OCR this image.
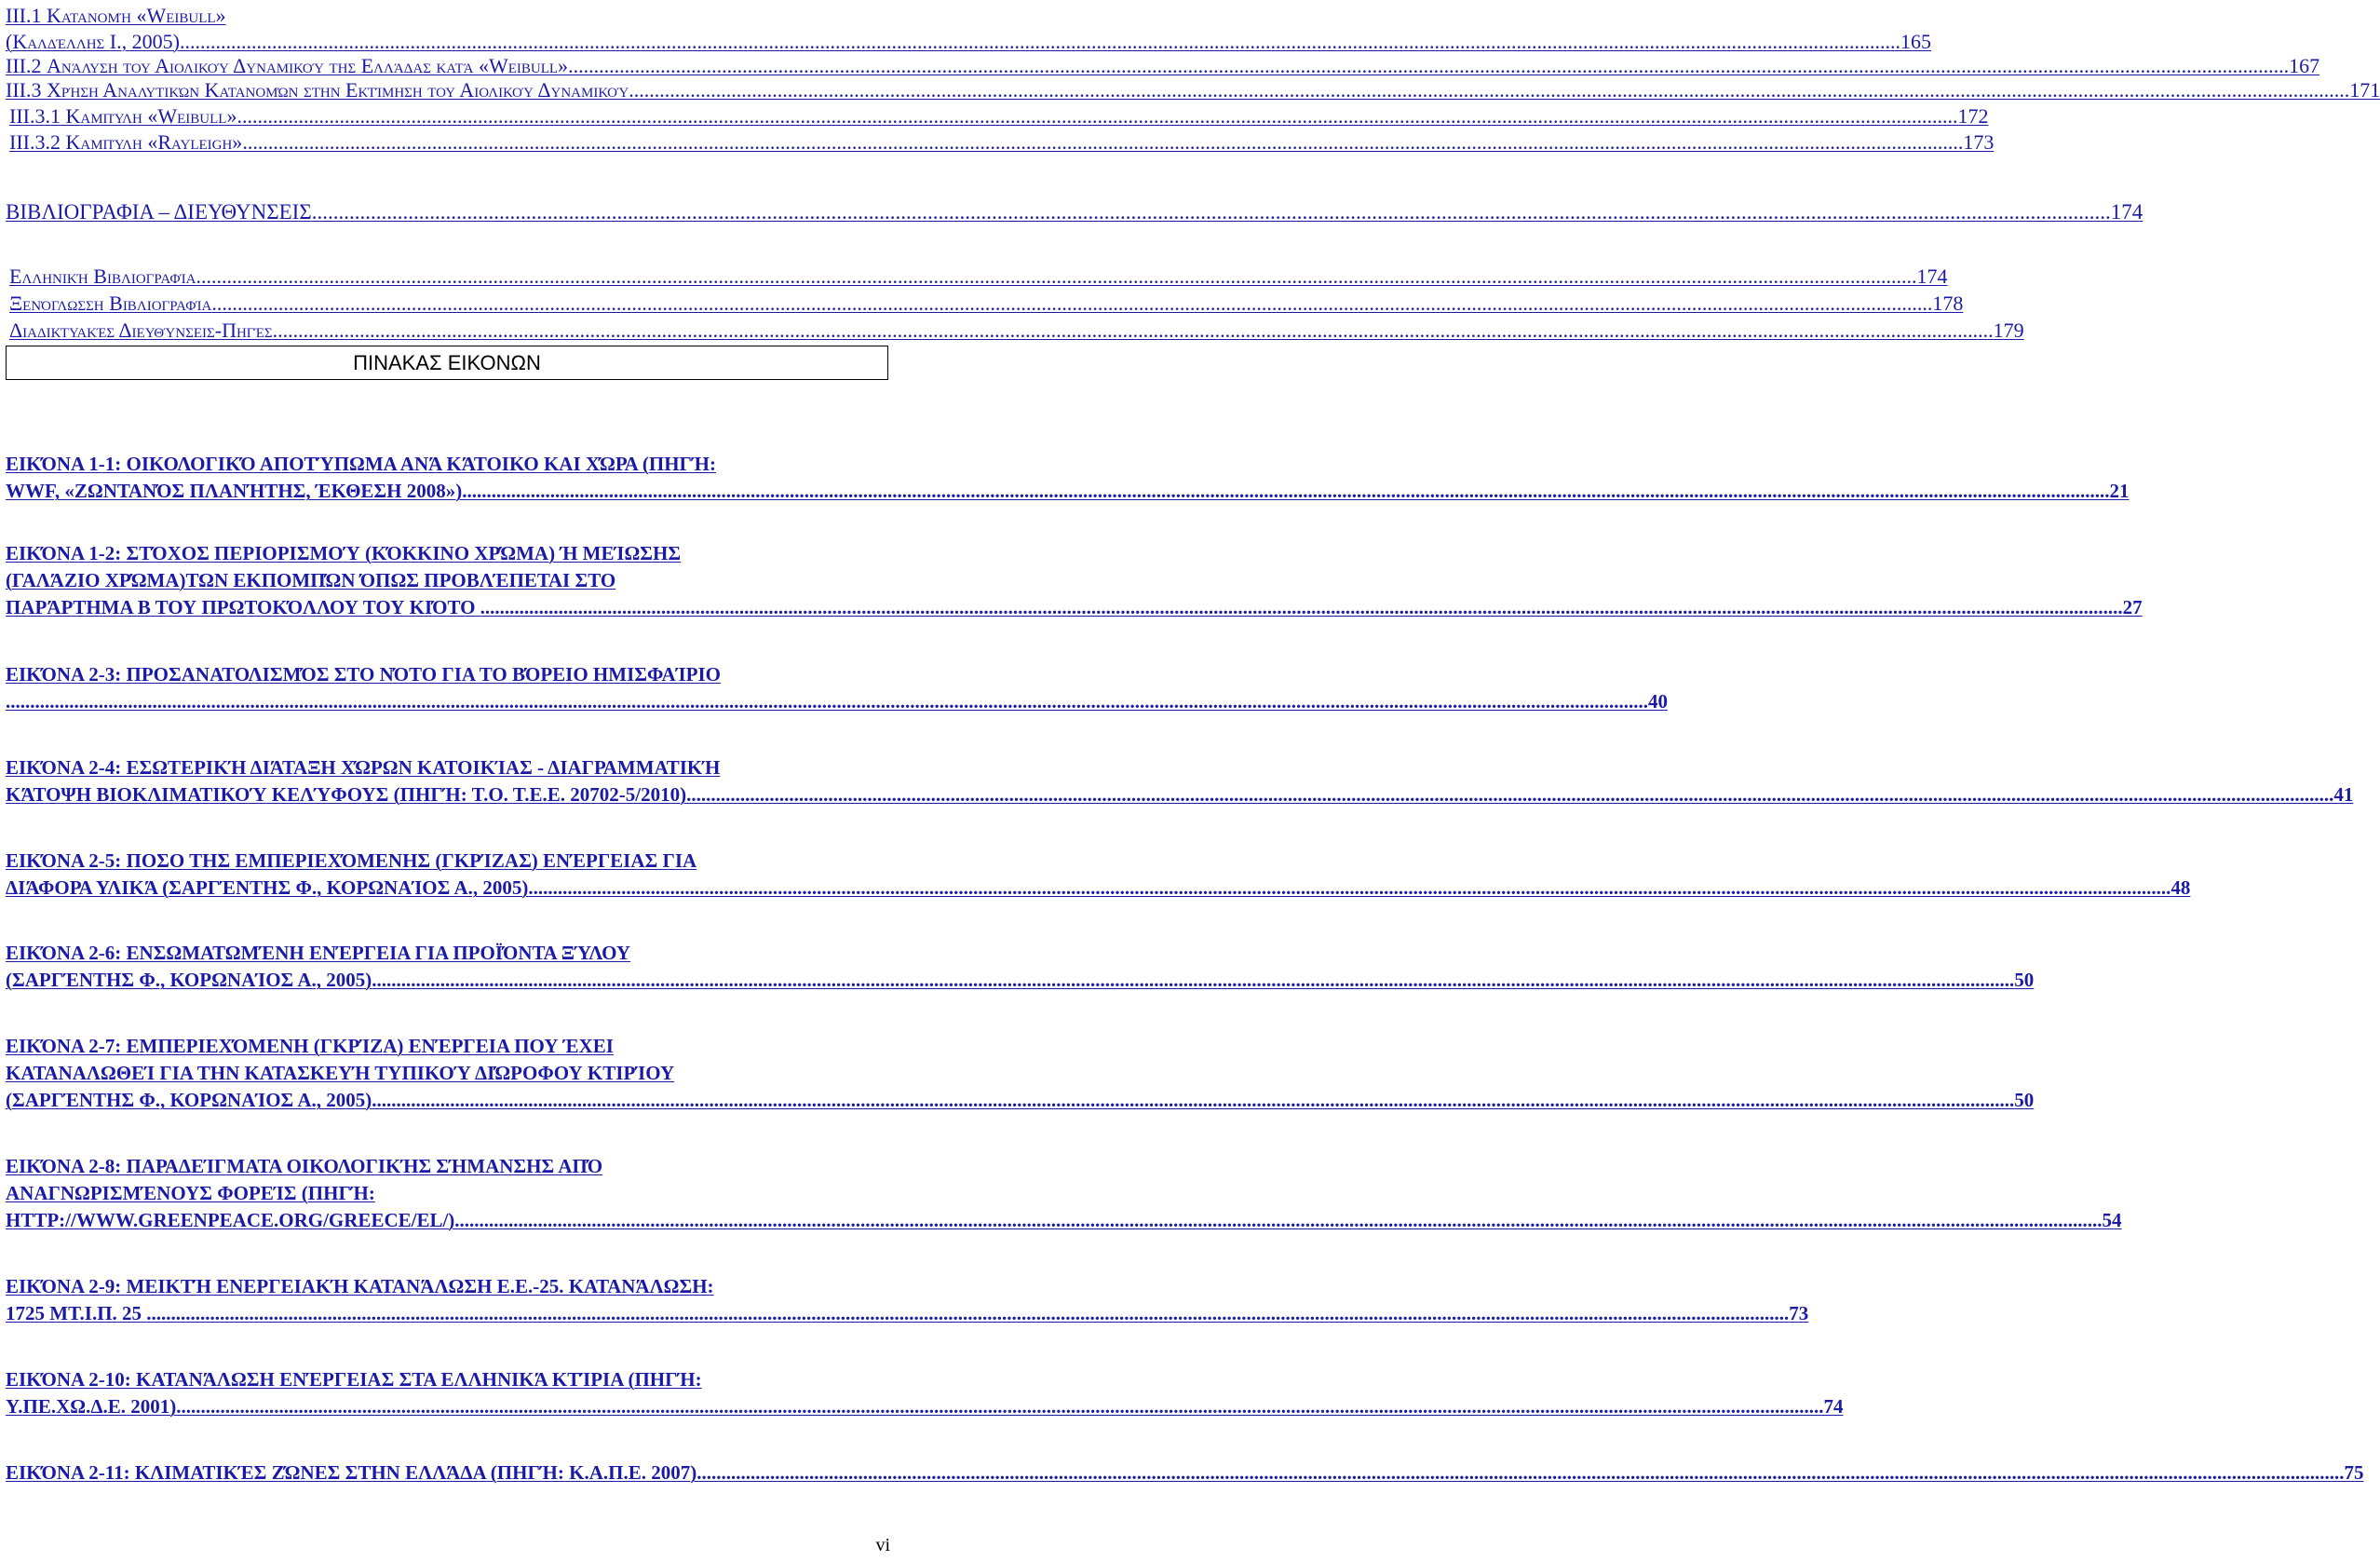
III.1 Κατανομή «Weibull»
(Καλδέλλης Ι., 2005) .....	165
III.2 Ανάλυση του Αιολικού Δυναμικού της Ελλάδας κατά «Weibull» .....	167
III.3 Χρήση Αναλυτικών Κατανομών στην Εκτίμηση του Αιολικού Δυναμικού .....	171
III.3.1 Καμπύλη «Weibull» .....	172
III.3.2 Καμπύλη «Rayleigh» .....	173
ΒΙΒΛΙΟΓΡΑΦΙΑ – ΔΙΕΥΘΥΝΣΕΙΣ .....	174
Ελληνική Βιβλιογραφία .....	174
Ξενόγλωσση Βιβλιογραφία .....	178
Διαδικτυακές Διευθύνσεις-Πηγές .....	179
ΠΙΝΑΚΑΣ ΕΙΚΟΝΩΝ
ΕΙΚΌΝΑ 1-1: ΟΙΚΟΛΟΓΙΚΌ ΑΠΟΤΎΠΩΜΑ ΑΝΆ ΚΆΤΟΙΚΟ ΚΑΙ ΧΏΡΑ (ΠΗΓΉ:
WWF, «ΖΩΝΤΑΝΌΣ ΠΛΑΝΉΤΗΣ, ΈΚΘΕΣΗ 2008»). .....	21
ΕΙΚΌΝΑ 1-2: ΣΤΌΧΟΣ ΠΕΡΙΟΡΙΣΜΟΎ (ΚΌΚΚΙΝΟ ΧΡΏΜΑ) Ή ΜΕΊΩΣΗΣ
(ΓΑΛΆΖΙΟ ΧΡΏΜΑ)ΤΩΝ ΕΚΠΟΜΠΏΝ ΌΠΩΣ ΠΡΟΒΛΈΠΕΤΑΙ ΣΤΟ
ΠΑΡΆΡΤΗΜΑ Β ΤΟΥ ΠΡΩΤΟΚΌΛΛΟΥ ΤΟΥ ΚΙΌΤΟ .....	27
ΕΙΚΌΝΑ 2-3: ΠΡΟΣΑΝΑΤΟΛΙΣΜΌΣ ΣΤΟ ΝΌΤΟ ΓΙΑ ΤΟ ΒΌΡΕΙΟ ΗΜΙΣΦΑΊΡΙΟ
.....40
ΕΙΚΌΝΑ 2-4: ΕΣΩΤΕΡΙΚΉ ΔΙΆΤΑΞΗ ΧΏΡΩΝ ΚΑΤΟΙΚΊΑΣ - ΔΙΑΓΡΑΜΜΑΤΙΚΉ
ΚΆΤΟΨΗ ΒΙΟΚΛΙΜΑΤΙΚΟΎ ΚΕΛΎΦΟΥΣ (ΠΗΓΉ: Τ.Ο. Τ.Ε.Ε. 20702-5/2010). .....	41
ΕΙΚΌΝΑ 2-5: ΠΟΣΟ ΤΗΣ ΕΜΠΕΡΙΕΧΌΜΕΝΗΣ (ΓΚΡΊΖΑΣ) ΕΝΈΡΓΕΙΑΣ ΓΙΑ
ΔΙΆΦΟΡΑ ΥΛΙΚΆ (ΣΑΡΓΈΝΤΗΣ Φ., ΚΟΡΩΝΑΊΟΣ Α., 2005) .....	48
ΕΙΚΌΝΑ 2-6: ΕΝΣΩΜΑΤΩΜΈΝΗ ΕΝΈΡΓΕΙΑ ΓΙΑ ΠΡΟΪΌΝΤΑ ΞΎΛΟΥ
(ΣΑΡΓΈΝΤΗΣ Φ., ΚΟΡΩΝΑΊΟΣ Α., 2005) .....	50
ΕΙΚΌΝΑ 2-7: ΕΜΠΕΡΙΕΧΌΜΕΝΗ (ΓΚΡΊΖΑ) ΕΝΈΡΓΕΙΑ ΠΟΥ ΈΧΕΙ
ΚΑΤΑΝΑΛΩΘΕΊ ΓΙΑ ΤΗΝ ΚΑΤΑΣΚΕΥΉ ΤΥΠΙΚΟΎ ΔΙΏΡΟΦΟΥ ΚΤΙΡΊΟΥ
(ΣΑΡΓΈΝΤΗΣ Φ., ΚΟΡΩΝΑΊΟΣ Α., 2005) .....	50
ΕΙΚΌΝΑ 2-8: ΠΑΡΑΔΕΊΓΜΑΤΑ ΟΙΚΟΛΟΓΙΚΉΣ ΣΉΜΑΝΣΗΣ ΑΠΌ
ΑΝΑΓΝΩΡΙΣΜΈΝΟΥΣ ΦΟΡΕΊΣ (ΠΗΓΉ:
HTTP://WWW.GREENPEACE.ORG/GREECE/EL/). .....	54
ΕΙΚΌΝΑ 2-9: ΜΕΙΚΤΉ ΕΝΕΡΓΕΙΑΚΉ ΚΑΤΑΝΆΛΩΣΗ Ε.Ε.-25. ΚΑΤΑΝΆΛΩΣΗ:
1725 ΜΤ.Ι.Π. 25 .....	73
ΕΙΚΌΝΑ 2-10: ΚΑΤΑΝΆΛΩΣΗ ΕΝΈΡΓΕΙΑΣ ΣΤΑ ΕΛΛΗΝΙΚΆ ΚΤΊΡΙΑ (ΠΗΓΉ:
Υ.ΠΕ.ΧΩ.Δ.Ε. 2001). .....	74
ΕΙΚΌΝΑ 2-11: ΚΛΙΜΑΤΙΚΈΣ ΖΏΝΕΣ ΣΤΗΝ ΕΛΛΆΔΑ (ΠΗΓΉ: Κ.Α.Π.Ε. 2007). .....	75
vi
